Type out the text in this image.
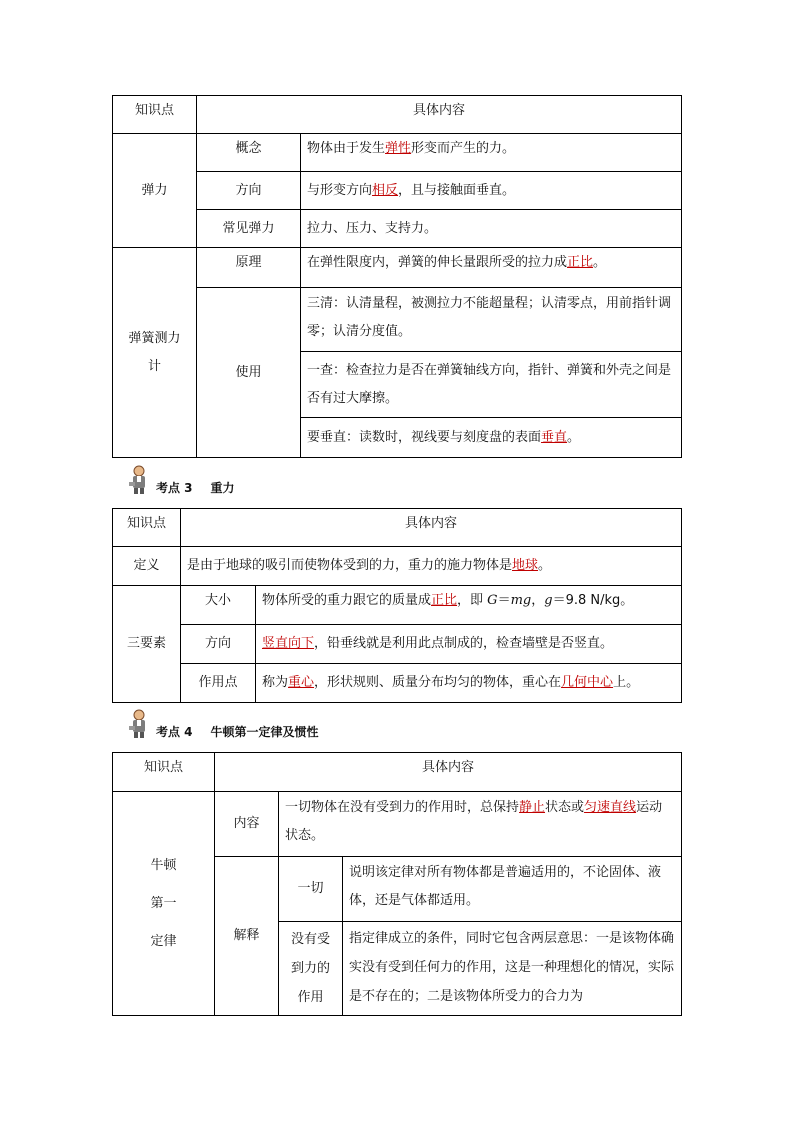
知识点	具体内容	
弹力	概念	物体由于发生弹性形变而产生的力。
	方向	与形变方向相反，且与接触面垂直。
	常见弹力	拉力、压力、支持力。

弹簧测力计	原理	在弹性限度内，弹簧的伸长量跟所受的拉力成正比。
	使用	三清：认清量程，被测拉力不能超量程；认清零点，用前指针调零；认清分度值。
		一查：检查拉力是否在弹簧轴线方向，指针、弹簧和外壳之间是否有过大摩擦。
		要垂直：读数时，视线要与刻度盘的表面垂直。
考点 3 重力
知识点	具体内容	
定义	是由于地球的吸引而使物体受到的力，重力的施力物体是地球。	
三要素	大小	物体所受的重力跟它的质量成正比，即 G＝mg，g＝9.8 N/kg。
	方向	竖直向下，铅垂线就是利用此点制成的，检查墙壁是否竖直。
	作用点	称为重心，形状规则、质量分布均匀的物体，重心在几何中心上。
考点 4 牛顿第一定律及惯性
知识点	具体内容		

牛顿
第一
定律	内容	一切物体在没有受到力的作用时，总保持静止状态或匀速直线运动状态。	
	解释	一切	说明该定律对所有物体都是普遍适用的，不论固体、液体，还是气体都适用。

		没有受
到力的
作用	指定律成立的条件，同时它包含两层意思：一是该物体确实没有受到任何力的作用，这是一种理想化的情况，实际是不存在的；二是该物体所受力的合力为
